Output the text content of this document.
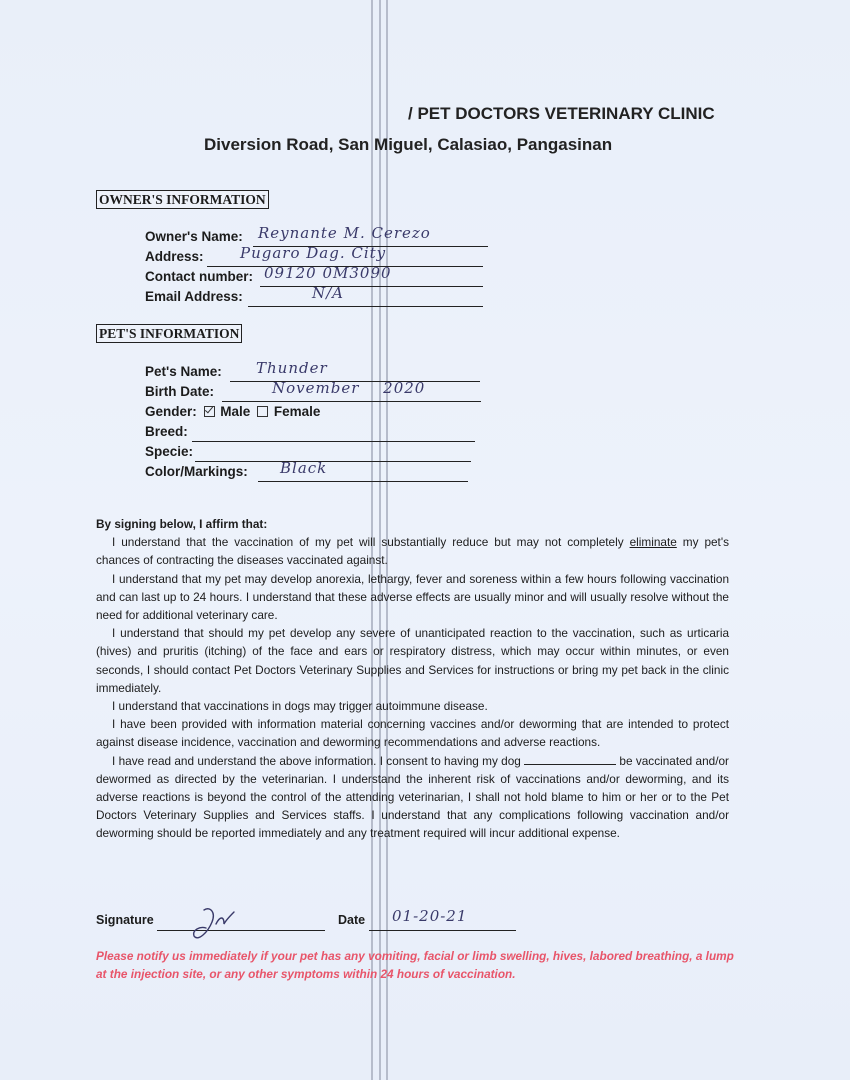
/ PET DOCTORS VETERINARY CLINIC
Diversion Road, San Miguel, Calasiao, Pangasinan
OWNER'S INFORMATION
Owner's Name: Reynante M. Cerezo
Address: Pugaro Dag. City
Contact number: 09120 0M3090
Email Address:	N/A
PET'S INFORMATION
Pet's Name: Thunder
Birth Date:	November 2020
Gender: Male Female
Breed:
Specie:
Color/Markings: Black

By signing below, I affirm that:

I understand that the vaccination of my pet will substantially reduce but may not completely eliminate my pet's chances of contracting the diseases vaccinated against.

I understand that my pet may develop anorexia, lethargy, fever and soreness within a few hours following vaccination and can last up to 24 hours. I understand that these adverse effects are usually minor and will usually resolve without the need for additional veterinary care.

I understand that should my pet develop any severe of unanticipated reaction to the vaccination, such as urticaria (hives) and pruritis (itching) of the face and ears or respiratory distress, which may occur within minutes, or even seconds, I should contact Pet Doctors Veterinary Supplies and Services for instructions or bring my pet back in the clinic immediately.

I understand that vaccinations in dogs may trigger autoimmune disease.

I have been provided with information material concerning vaccines and/or deworming that are intended to protect against disease incidence, vaccination and deworming recommendations and adverse reactions.

I have read and understand the above information. I consent to having my dog	be vaccinated and/or dewormed as directed by the veterinarian. I understand the inherent risk of vaccinations and/or deworming, and its adverse reactions is beyond the control of the attending veterinarian, I shall not hold blame to him or her or to the Pet Doctors Veterinary Supplies and Services staffs. I understand that any complications following vaccination and/or deworming should be reported immediately and any treatment required will incur additional expense.

Signature	Date 01-20-21
Please notify us immediately if your pet has any vomiting, facial or limb swelling, hives, labored breathing, a lump at the injection site, or any other symptoms within 24 hours of vaccination.
